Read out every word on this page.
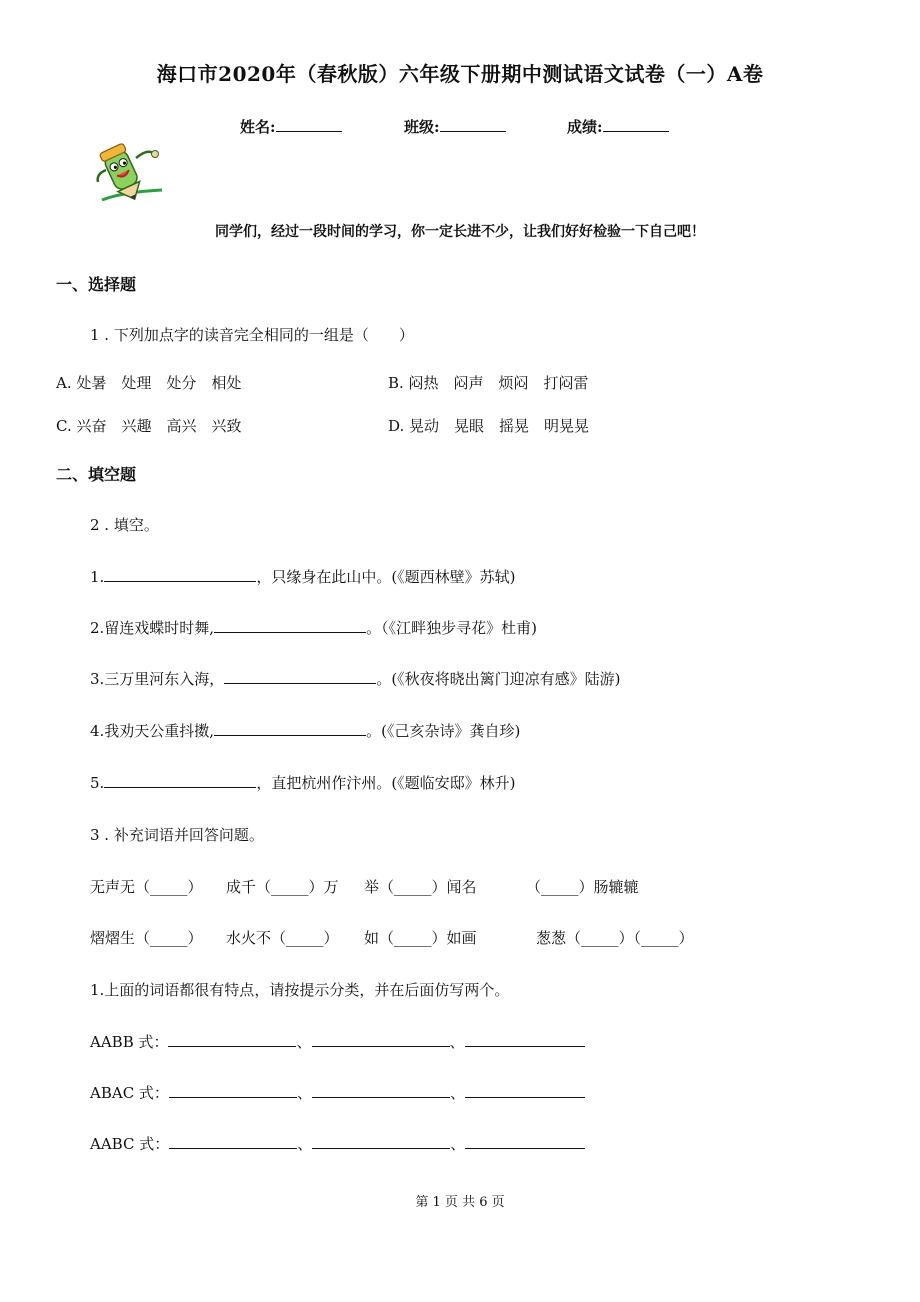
海口市2020年（春秋版）六年级下册期中测试语文试卷（一）A卷
姓名:	班级:	成绩:
同学们，经过一段时间的学习，你一定长进不少，让我们好好检验一下自己吧！
一、选择题
1 . 下列加点字的读音完全相同的一组是（　　）
A. 处暑　处理　处分　相处	B. 闷热　闷声　烦闷　打闷雷
C. 兴奋　兴趣　高兴　兴致	D. 晃动　晃眼　摇晃　明晃晃
二、填空题
2 . 填空。
1.	，只缘身在此山中。(《题西林壁》苏轼)
2.留连戏蝶时时舞,	。（《江畔独步寻花》杜甫)
3.三万里河东入海，	。(《秋夜将晓出篱门迎凉有感》陆游)
4.我劝天公重抖擞,	。(《己亥杂诗》龚自珍)
5.	，直把杭州作汴州。(《题临安邸》林升)
3 . 补充词语并回答问题。
无声无（_____） 成千（_____）万 举（_____）闻名	（_____）肠辘辘
熠熠生（_____） 水火不（_____） 如（_____）如画	葱葱（_____）（_____）
1.上面的词语都很有特点，请按提示分类，并在后面仿写两个。
AABB 式：	、	、
ABAC 式：	、	、
AABC 式：	、	、
第 1 页 共 6 页
